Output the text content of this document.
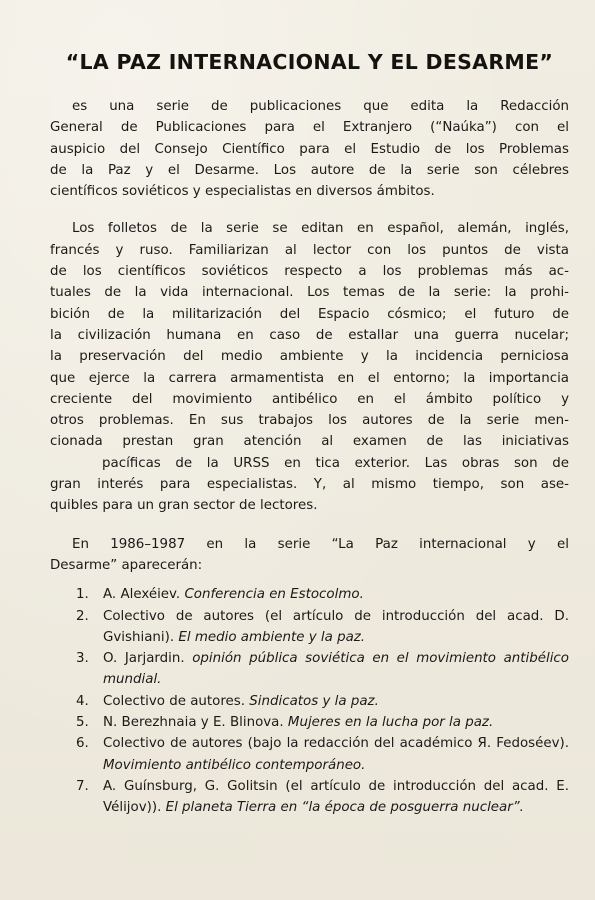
“LA PAZ INTERNACIONAL Y EL DESARME”
es una serie de publicaciones que edita la Redacción
General de Publicaciones para el Extranjero (“Naúka”) con el
auspicio del Consejo Científico para el Estudio de los Problemas
de la Paz y el Desarme. Los autore de la serie son célebres
científicos soviéticos y especialistas en diversos ámbitos.
Los folletos de la serie se editan en español, alemán, inglés,
francés y ruso. Familiarizan al lector con los puntos de vista
de los científicos soviéticos respecto a los problemas más ac-
tuales de la vida internacional. Los temas de la serie: la prohi-
bición de la militarización del Espacio cósmico; el futuro de
la civilización humana en caso de estallar una guerra nucelar;
la preservación del medio ambiente y la incidencia perniciosa
que ejerce la carrera armamentista en el entorno; la importancia
creciente del movimiento antibélico en el ámbito político y
otros problemas. En sus trabajos los autores de la serie men-
cionada prestan gran atención al examen de las iniciativas
pacíficas de la URSS en tica exterior. Las obras son de
gran interés para especialistas. Y, al mismo tiempo, son ase-
quibles para un gran sector de lectores.
En 1986–1987 en la serie “La Paz internacional y el
Desarme” aparecerán:
1.	A. Alexéiev. Conferencia en Estocolmo.
2.	Colectivo de autores (el artículo de introducción del acad. D. Gvishiani). El medio ambiente y la paz.
3.	O. Jarjardin. opinión pública soviética en el movimiento antibélico mundial.
4.	Colectivo de autores. Sindicatos y la paz.
5.	N. Berezhnaia y E. Blinova. Mujeres en la lucha por la paz.
6.	Colectivo de autores (bajo la redacción del académico Я. Fedoséev). Movimiento antibélico contemporáneo.
7.	A. Guínsburg, G. Golitsin (el artículo de introducción del acad. E. Vélijov)). El planeta Tierra en “la época de posguerra nuclear”.
